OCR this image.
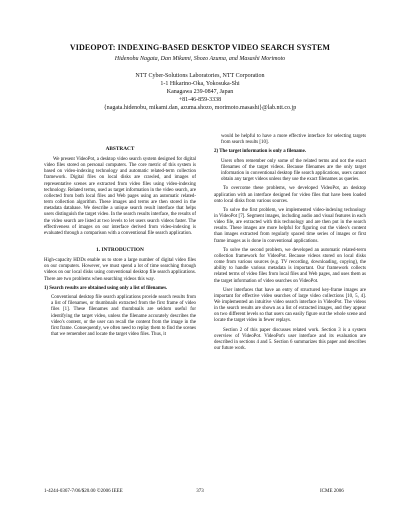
VIDEOPOT: INDEXING-BASED DESKTOP VIDEO SEARCH SYSTEM
Hidenobu Nagata, Dan Mikami, Shozo Azuma, and Masashi Morimoto
NTT Cyber-Solutions Laboratories, NTT Corporation
1-1 Hikarino-Oka, Yokosuka-Shi
Kanagawa 239-0847, Japan
+81-46-859-3338
{nagata.hidenobu, mikami.dan, azuma.shozo, morimoto.masashi}@lab.ntt.co.jp
ABSTRACT

We present VideoPot, a desktop video search system designed for digital video files stored on personal computers. The core metric of this system is based on video-indexing technology and automatic related-term collection framework. Digital files on local disks are crawled, and images of representative scenes are extracted from video files using video-indexing technology. Related terms, used as target information in the video search, are collected from both local files and Web pages using an automatic related-term collection algorithm. These images and terms are then stored in the metadata database. We describe a unique search result interface that helps users distinguish the target video. In the search results interface, the results of the video search are listed at two levels to let users search videos faster. The effectiveness of images on our interface derived from video-indexing is evaluated through a comparison with a conventional file search application.

1. INTRODUCTION

High-capacity HDDs enable us to store a large number of digital video files on our computers. However, we must spend a lot of time searching through videos on our local disks using conventional desktop file search applications. There are two problems when searching videos this way.

1) Search results are obtained using only a list of filenames.

Conventional desktop file search applications provide search results from a list of filenames, or thumbnails extracted from the first frame of video files [1]. These filenames and thumbnails are seldom useful for identifying the target video, unless the filename accurately describes the video's content, or the user can recall the content from the image in the first frame. Consequently, we often need to replay them to find the scenes that we remember and locate the target video files. Thus, it

would be helpful to have a more effective interface for selecting targets from search results [10].

2) The target information is only a filename.

Users often remember only some of the related terms and not the exact filenames of the target videos. Because filenames are the only target information in conventional desktop file search applications, users cannot obtain any target videos unless they use the exact filenames as queries.

To overcome these problems, we developed VideoPot, an desktop application with an interface designed for video files that have been loaded onto local disks from various sources.

To solve the first problem, we implemented video-indexing technology in VideoPot [7]. Segment images, including audio and visual features in each video file, are extracted with this technology and are then put in the search results. These images are more helpful for figuring out the video's content than images extracted from regularly spaced time series of images or first frame images as is done in conventional applications.

To solve the second problem, we developed an automatic related-term collection framework for VideoPot. Because videos stored on local disks come from various sources (e.g. TV recording, downloading, copying), the ability to handle various metadata is important. Our framework collects related terms of video files from local files and Web pages, and uses them as the target information of video searches on VideoPot.

User interfaces that have an entry of structured key-frame images are important for effective video searches of large video collections [10, 5, 4]. We implemented an intuitive video search interface in VideoPot. The videos in the search results are shown as a list of extracted images, and they appear on two different levels so that users can easily figure out the whole scene and locate the target video in fewer replays.

Section 2 of this paper discusses related work. Section 3 is a system overview of VideoPot. VideoPot's user interface and its evaluation are described in sections 4 and 5. Section 6 summarizes this paper and describes our future work.

1-4244-0367-7/06/$20.00 ©2006 IEEE	373	ICME 2006
